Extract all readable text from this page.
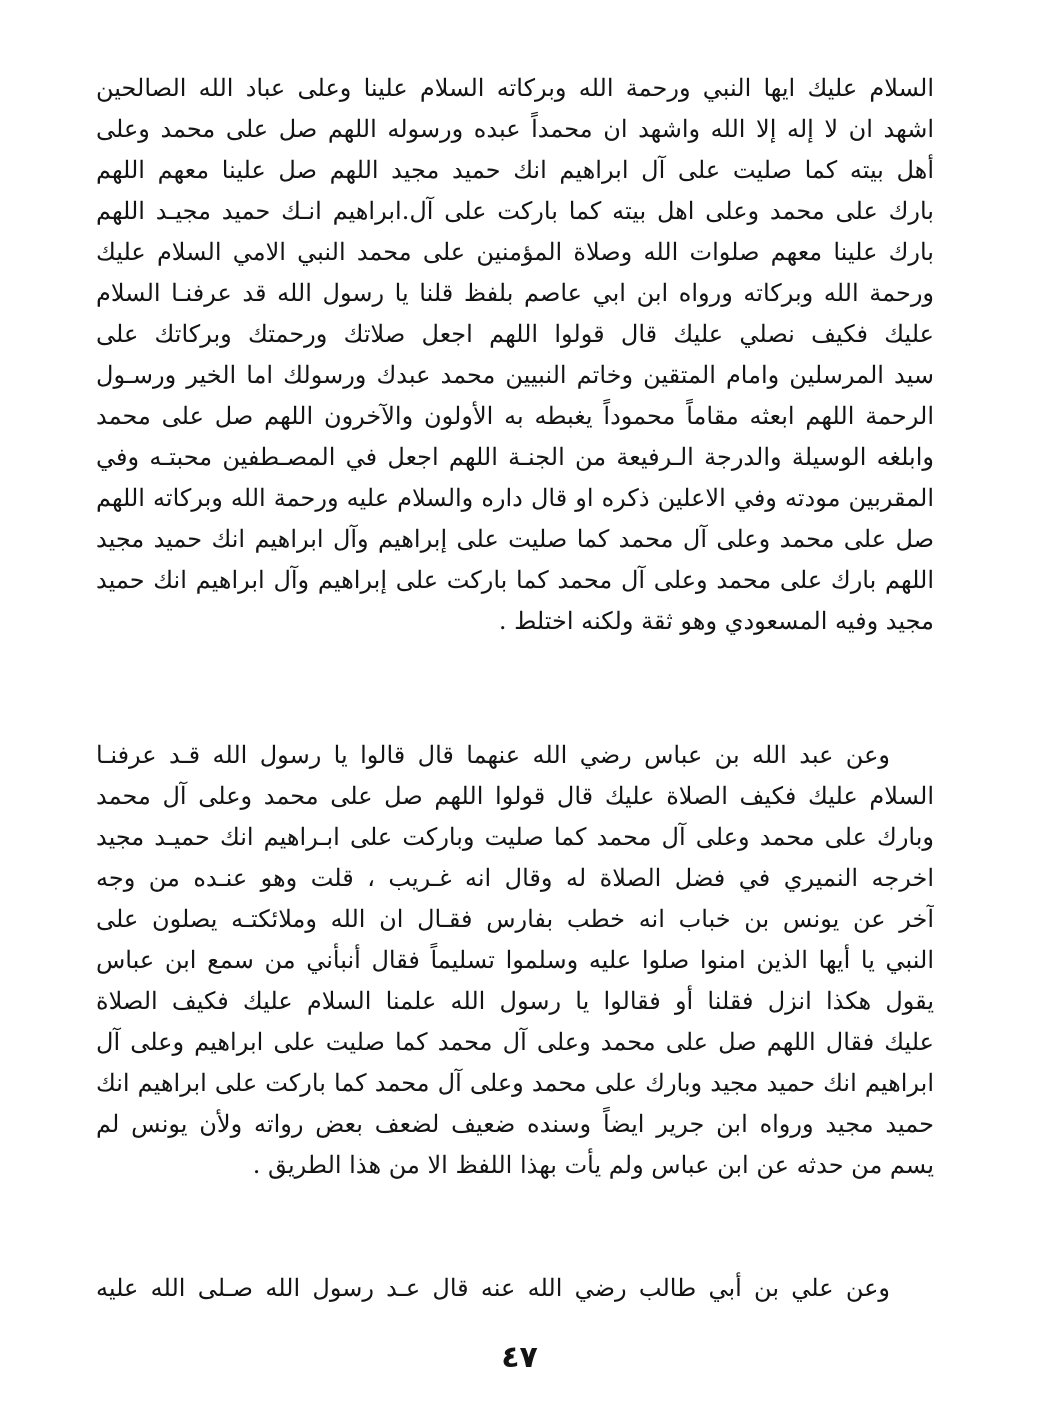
السلام عليك ايها النبي ورحمة الله وبركاته السلام علينا وعلى عباد الله الصالحين
اشهد ان لا إله إلا الله واشهد ان محمداً عبده ورسوله اللهم صل على محمد وعلى
أهل بيته كما صليت على آل ابراهيم انك حميد مجيد اللهم صل علينا معهم اللهم
بارك على محمد وعلى اهل بيته كما باركت على آل.ابراهيم انـك حميد مجيـد اللهم
بارك علينا معهم صلوات الله وصلاة المؤمنين على محمد النبي الامي السلام عليك
ورحمة الله وبركاته ورواه ابن ابي عاصم بلفظ قلنا يا رسول الله قد عرفنـا السلام
عليك فكيف نصلي عليك قال قولوا اللهم اجعل صلاتك ورحمتك وبركاتك على
سيد المرسلين وامام المتقين وخاتم النبيين محمد عبدك ورسولك اما الخير ورسـول
الرحمة اللهم ابعثه مقاماً محموداً يغبطه به الأولون والآخرون اللهم صل على محمد
وابلغه الوسيلة والدرجة الـرفيعة من الجنـة اللهم اجعل في المصـطفين محبتـه وفي
المقربين مودته وفي الاعلين ذكره او قال داره والسلام عليه ورحمة الله وبركاته اللهم
صل على محمد وعلى آل محمد كما صليت على إبراهيم وآل ابراهيم انك حميد مجيد
اللهم بارك على محمد وعلى آل محمد كما باركت على إبراهيم وآل ابراهيم انك حميد
مجيد وفيه المسعودي وهو ثقة ولكنه اختلط .
وعن عبد الله بن عباس رضي الله عنهما قال قالوا يا رسول الله قـد عرفنـا
السلام عليك فكيف الصلاة عليك قال قولوا اللهم صل على محمد وعلى آل محمد
وبارك على محمد وعلى آل محمد كما صليت وباركت على ابـراهيم انك حميـد مجيد
اخرجه النميري في فضل الصلاة له وقال انه غـريب ، قلت وهو عنـده من وجه
آخر عن يونس بن خباب انه خطب بفارس فقـال ان الله وملائكتـه يصلون على
النبي يا أيها الذين امنوا صلوا عليه وسلموا تسليماً فقال أنبأني من سمع ابن عباس
يقول هكذا انزل فقلنا أو فقالوا يا رسول الله علمنا السلام عليك فكيف الصلاة
عليك فقال اللهم صل على محمد وعلى آل محمد كما صليت على ابراهيم وعلى آل
ابراهيم انك حميد مجيد وبارك على محمد وعلى آل محمد كما باركت على ابراهيم انك
حميد مجيد ورواه ابن جرير ايضاً وسنده ضعيف لضعف بعض رواته ولأن يونس لم
يسم من حدثه عن ابن عباس ولم يأت بهذا اللفظ الا من هذا الطريق .
وعن علي بن أبي طالب رضي الله عنه قال عـد رسول الله صـلى الله عليه
٤٧
